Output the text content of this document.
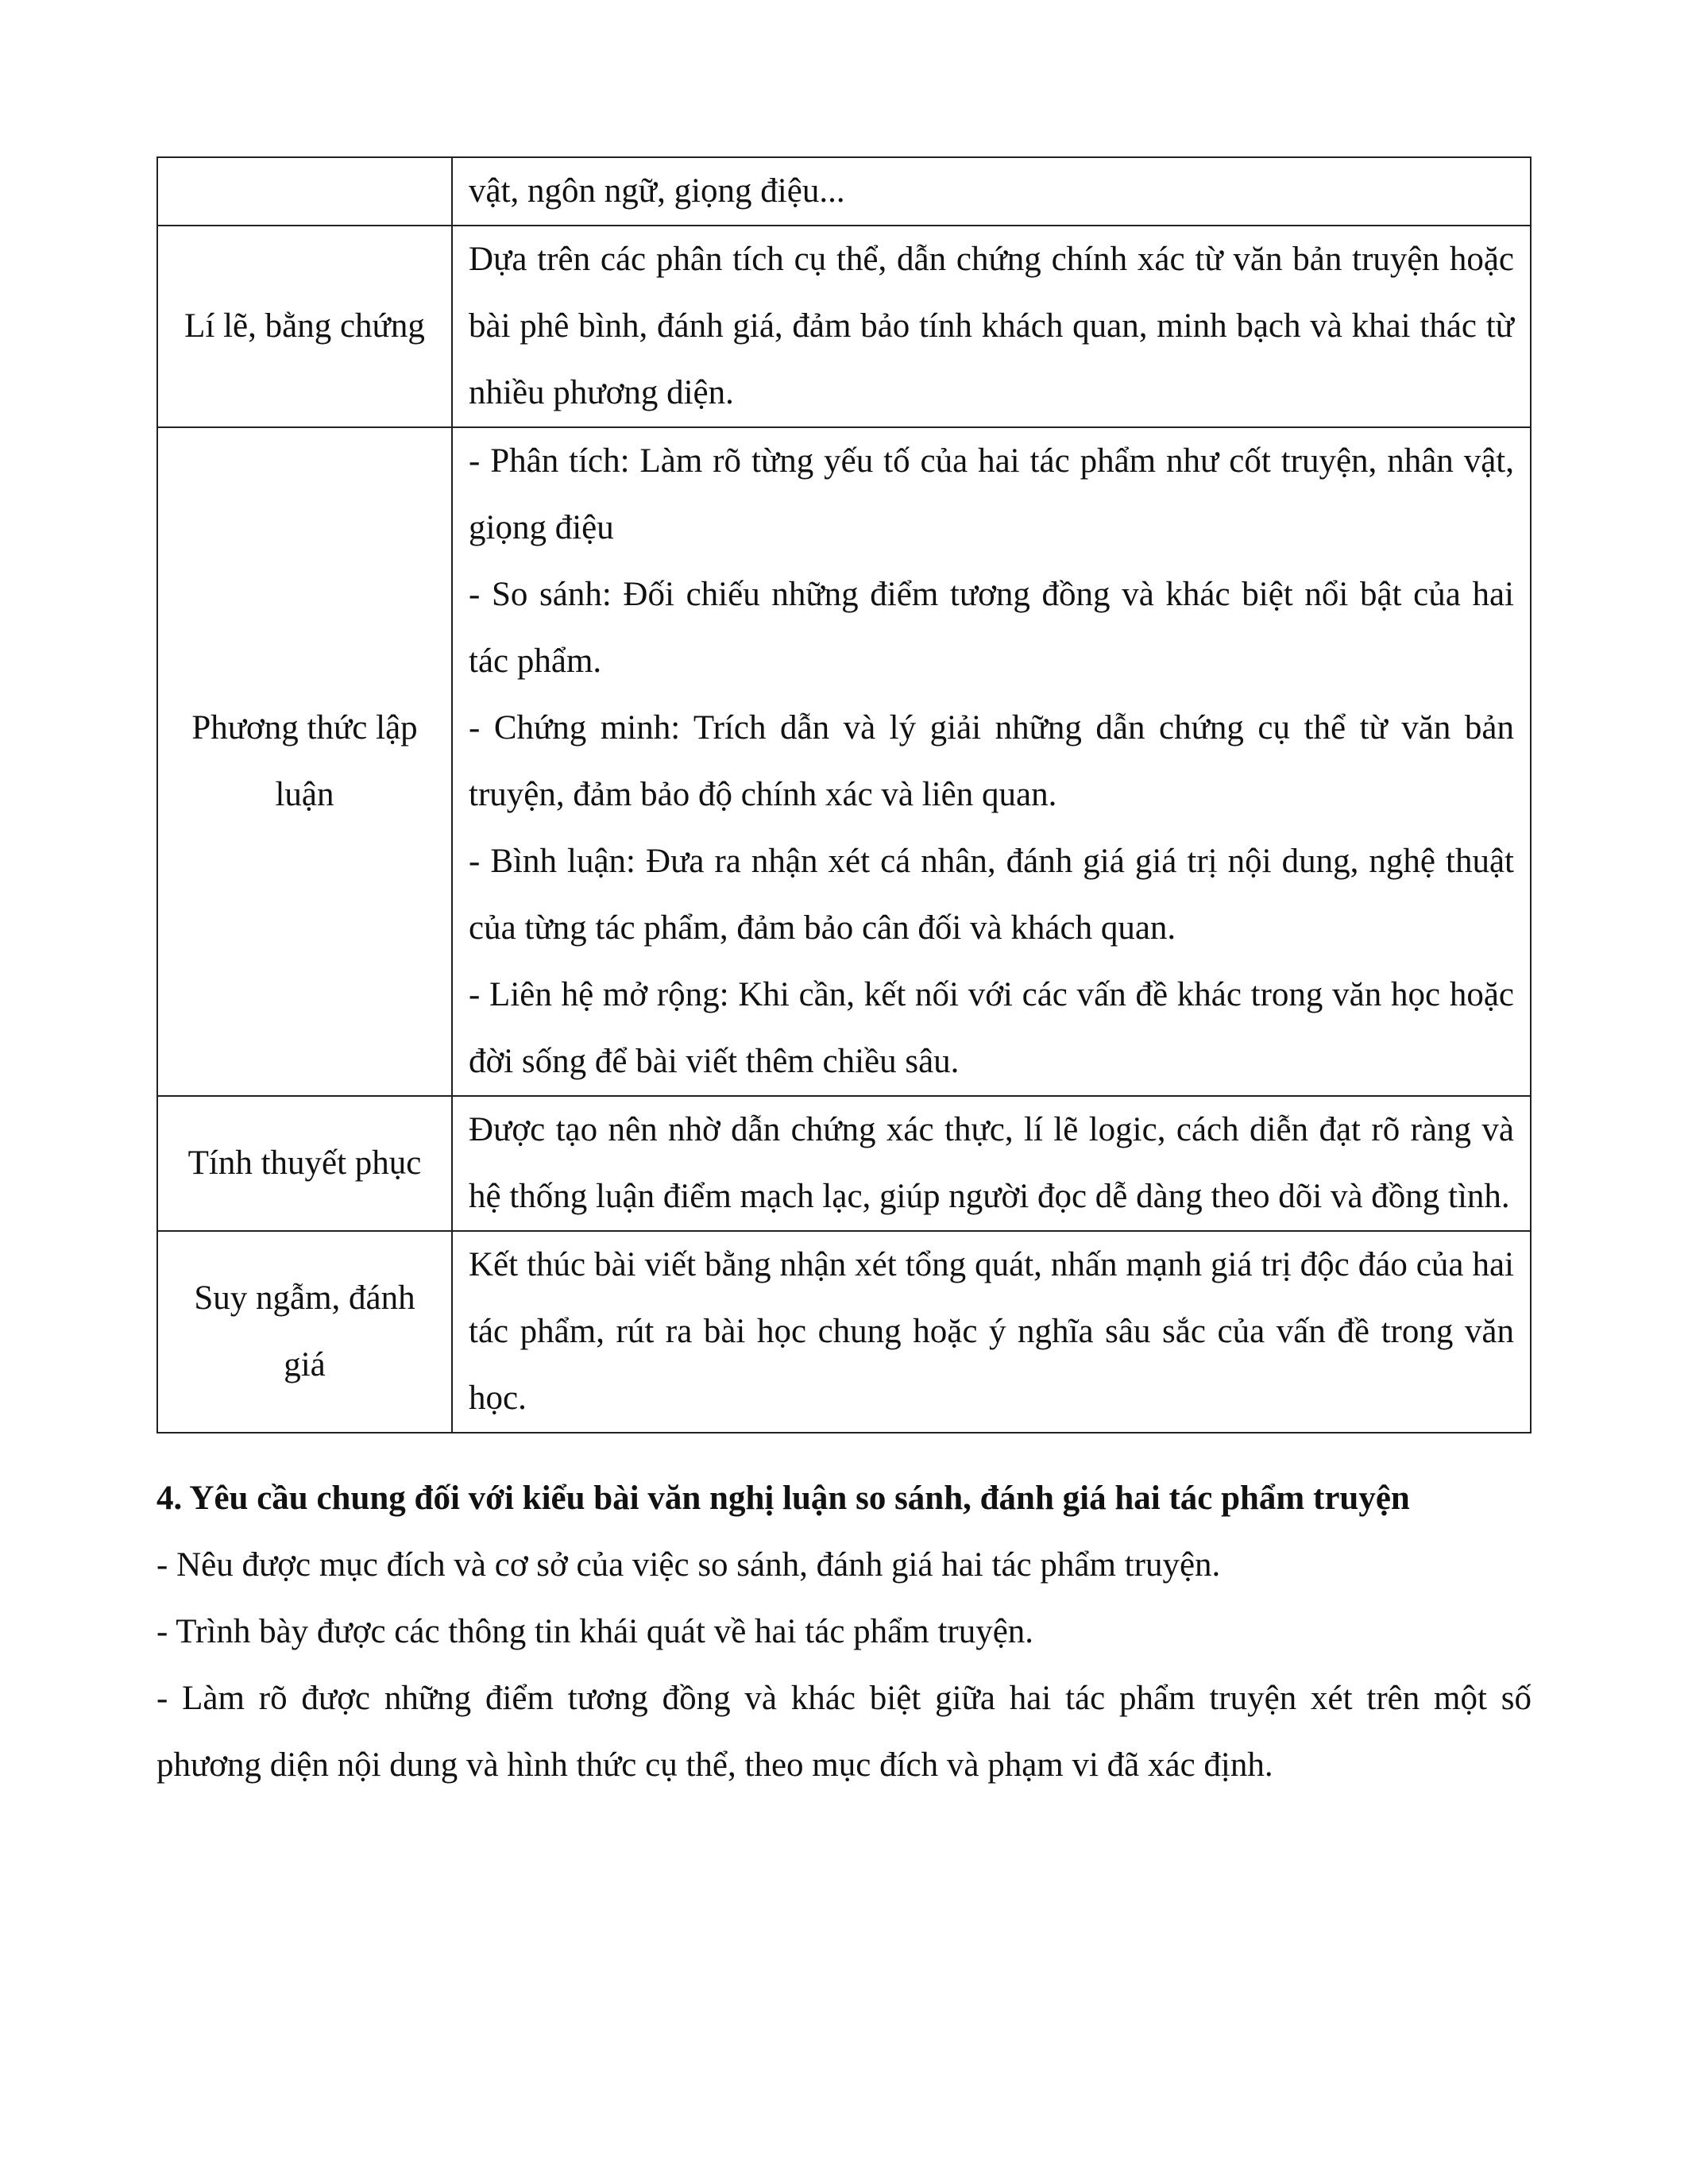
	vật, ngôn ngữ, giọng điệu...

Lí lẽ, bằng chứng	Dựa trên các phân tích cụ thể, dẫn chứng chính xác từ văn bản truyện hoặc bài phê bình, đánh giá, đảm bảo tính khách quan, minh bạch và khai thác từ nhiều phương diện.

Phương thức lập luận	- Phân tích: Làm rõ từng yếu tố của hai tác phẩm như cốt truyện, nhân vật, giọng điệu
- So sánh: Đối chiếu những điểm tương đồng và khác biệt nổi bật của hai tác phẩm.
- Chứng minh: Trích dẫn và lý giải những dẫn chứng cụ thể từ văn bản truyện, đảm bảo độ chính xác và liên quan.
- Bình luận: Đưa ra nhận xét cá nhân, đánh giá giá trị nội dung, nghệ thuật của từng tác phẩm, đảm bảo cân đối và khách quan.
- Liên hệ mở rộng: Khi cần, kết nối với các vấn đề khác trong văn học hoặc đời sống để bài viết thêm chiều sâu.

Tính thuyết phục	Được tạo nên nhờ dẫn chứng xác thực, lí lẽ logic, cách diễn đạt rõ ràng và hệ thống luận điểm mạch lạc, giúp người đọc dễ dàng theo dõi và đồng tình.

Suy ngẫm, đánh giá	Kết thúc bài viết bằng nhận xét tổng quát, nhấn mạnh giá trị độc đáo của hai tác phẩm, rút ra bài học chung hoặc ý nghĩa sâu sắc của vấn đề trong văn học.
4. Yêu cầu chung đối với kiểu bài văn nghị luận so sánh, đánh giá hai tác phẩm truyện
- Nêu được mục đích và cơ sở của việc so sánh, đánh giá hai tác phẩm truyện.
- Trình bày được các thông tin khái quát về hai tác phẩm truyện.
- Làm rõ được những điểm tương đồng và khác biệt giữa hai tác phẩm truyện xét trên một số phương diện nội dung và hình thức cụ thể, theo mục đích và phạm vi đã xác định.
